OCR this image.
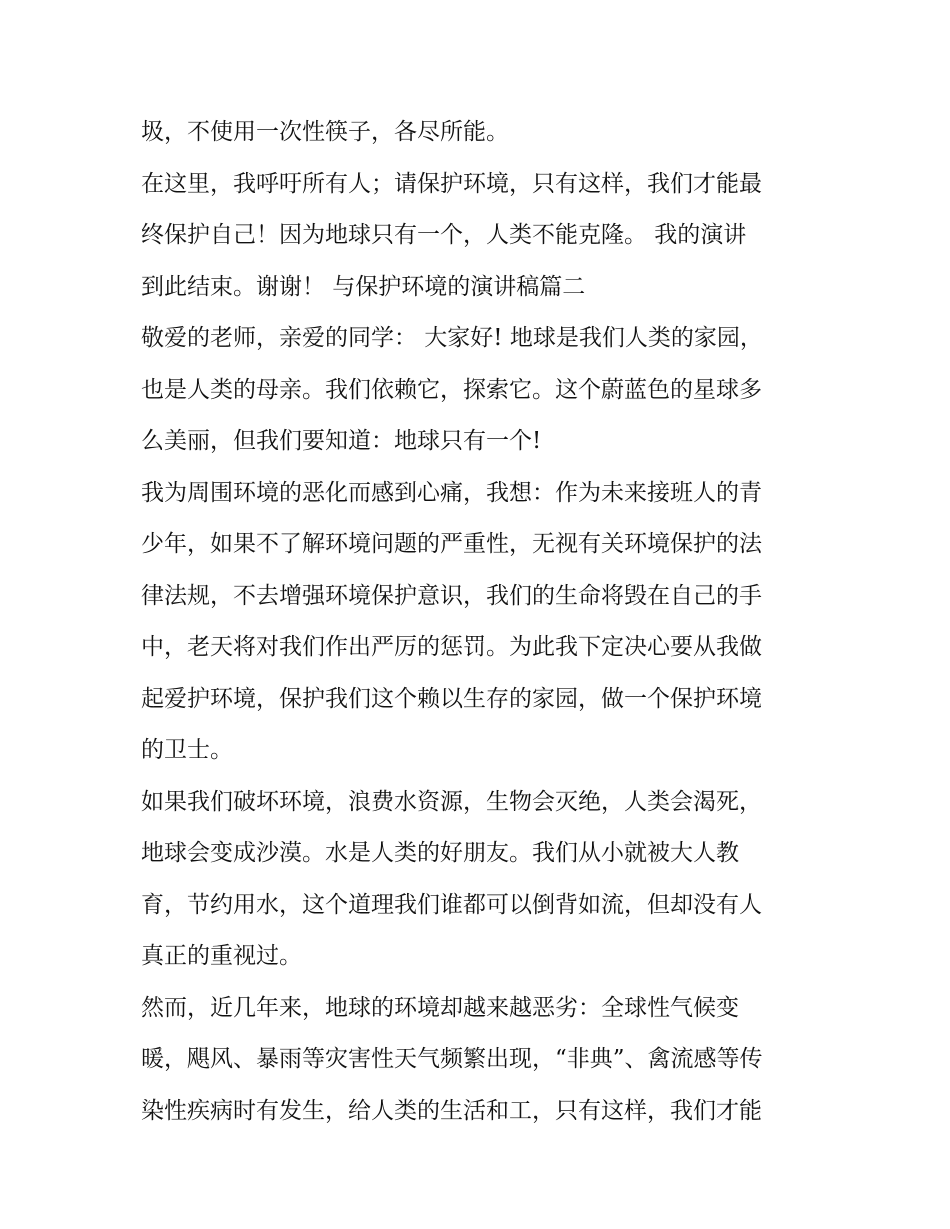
圾，不使用一次性筷子，各尽所能。

在这里，我呼吁所有人；请保护环境，只有这样，我们才能最

终保护自己！因为地球只有一个，人类不能克隆。 我的演讲

到此结束。谢谢！ 与保护环境的演讲稿篇二

敬爱的老师，亲爱的同学： 大家好! 地球是我们人类的家园，

也是人类的母亲。我们依赖它，探索它。这个蔚蓝色的星球多

么美丽，但我们要知道：地球只有一个!

我为周围环境的恶化而感到心痛，我想：作为未来接班人的青

少年，如果不了解环境问题的严重性，无视有关环境保护的法

律法规，不去增强环境保护意识，我们的生命将毁在自己的手

中，老天将对我们作出严厉的惩罚。为此我下定决心要从我做

起爱护环境，保护我们这个赖以生存的家园，做一个保护环境

的卫士。

如果我们破坏环境，浪费水资源，生物会灭绝，人类会渴死，

地球会变成沙漠。水是人类的好朋友。我们从小就被大人教

育，节约用水，这个道理我们谁都可以倒背如流，但却没有人

真正的重视过。

然而，近几年来，地球的环境却越来越恶劣：全球性气候变

暖，飓风、暴雨等灾害性天气频繁出现，“非典”、禽流感等传

染性疾病时有发生，给人类的生活和工，只有这样，我们才能
